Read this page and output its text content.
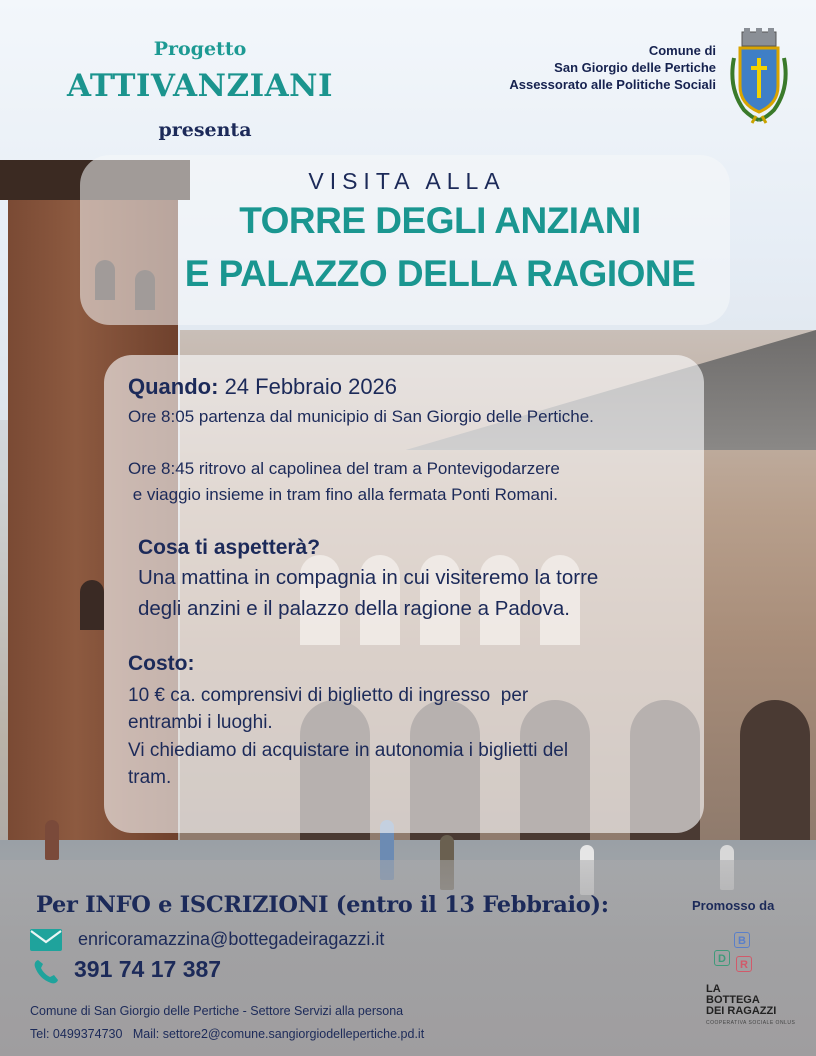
Progetto
ATTIVANZIANI
presenta
Comune di
San Giorgio delle Pertiche
Assessorato alle Politiche Sociali
VISITA ALLA
TORRE DEGLI ANZIANI
E PALAZZO DELLA RAGIONE
Quando: 24 Febbraio 2026
Ore 8:05 partenza dal municipio di San Giorgio delle Pertiche.
Ore 8:45 ritrovo al capolinea del tram a Pontevigodarzere
e viaggio insieme in tram fino alla fermata Ponti Romani.
Cosa ti aspetterà?
Una mattina in compagnia in cui visiteremo la torre
degli anzini e il palazzo della ragione a Padova.
Costo:
10 € ca. comprensivi di biglietto di ingresso  per
entrambi i luoghi.
Vi chiediamo di acquistare in autonomia i biglietti del
tram.
Per INFO e ISCRIZIONI (entro il 13 Febbraio):
enricoramazzina@bottegadeiragazzi.it
391 74 17 387
Comune di San Giorgio delle Pertiche - Settore Servizi alla persona
Tel: 0499374730   Mail: settore2@comune.sangiorgiodellepertiche.pd.it
Promosso da
B
D	R
LA
BOTTEGA
DEI RAGAZZI
COOPERATIVA SOCIALE ONLUS
